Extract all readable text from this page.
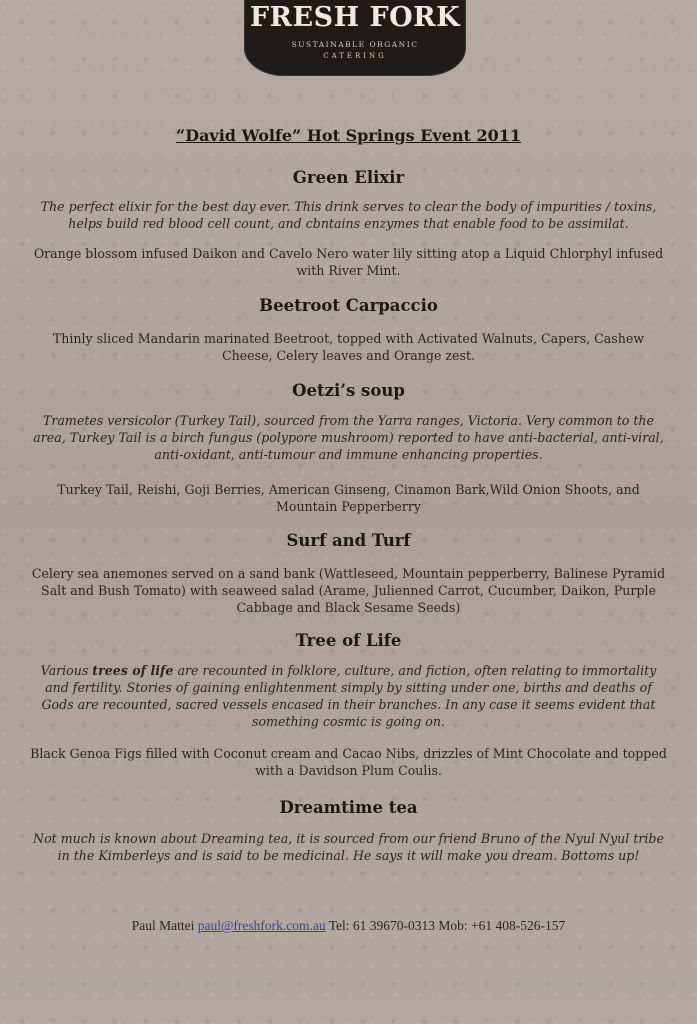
FRESH FORK
SUSTAINABLE ORGANIC
CATERING
“David Wolfe” Hot Springs Event 2011
Green Elixir
The perfect elixir for the best day ever. This drink serves to clear the body of impurities / toxins, helps build red blood cell count, and cbntains enzymes that enable food to be assimilat.
Orange blossom infused Daikon and Cavelo Nero water lily sitting atop a Liquid Chlorphyl infused with River Mint.
Beetroot Carpaccio
Thinly sliced Mandarin marinated Beetroot, topped with Activated Walnuts, Capers, Cashew Cheese, Celery leaves and Orange zest.
Oetzi’s soup
Trametes versicolor (Turkey Tail), sourced from the Yarra ranges, Victoria. Very common to the area, Turkey Tail is a birch fungus (polypore mushroom) reported to have anti-bacterial, anti-viral, anti-oxidant, anti-tumour and immune enhancing properties.
Turkey Tail, Reishi, Goji Berries, American Ginseng, Cinamon Bark,Wild Onion Shoots, and Mountain Pepperberry
Surf and Turf
Celery sea anemones served on a sand bank (Wattleseed, Mountain pepperberry, Balinese Pyramid Salt and Bush Tomato) with seaweed salad (Arame, Julienned Carrot, Cucumber, Daikon, Purple Cabbage and Black Sesame Seeds)
Tree of Life
Various trees of life are recounted in folklore, culture, and fiction, often relating to immortality and fertility. Stories of gaining enlightenment simply by sitting under one, births and deaths of Gods are recounted, sacred vessels encased in their branches. In any case it seems evident that something cosmic is going on.
Black Genoa Figs filled with Coconut cream and Cacao Nibs, drizzles of Mint Chocolate and topped with a Davidson Plum Coulis.
Dreamtime tea
Not much is known about Dreaming tea, it is sourced from our friend Bruno of the Nyul Nyul tribe in the Kimberleys and is said to be medicinal. He says it will make you dream. Bottoms up!
Paul Mattei paul@freshfork.com.au Tel: 61 39670-0313 Mob: +61 408-526-157
